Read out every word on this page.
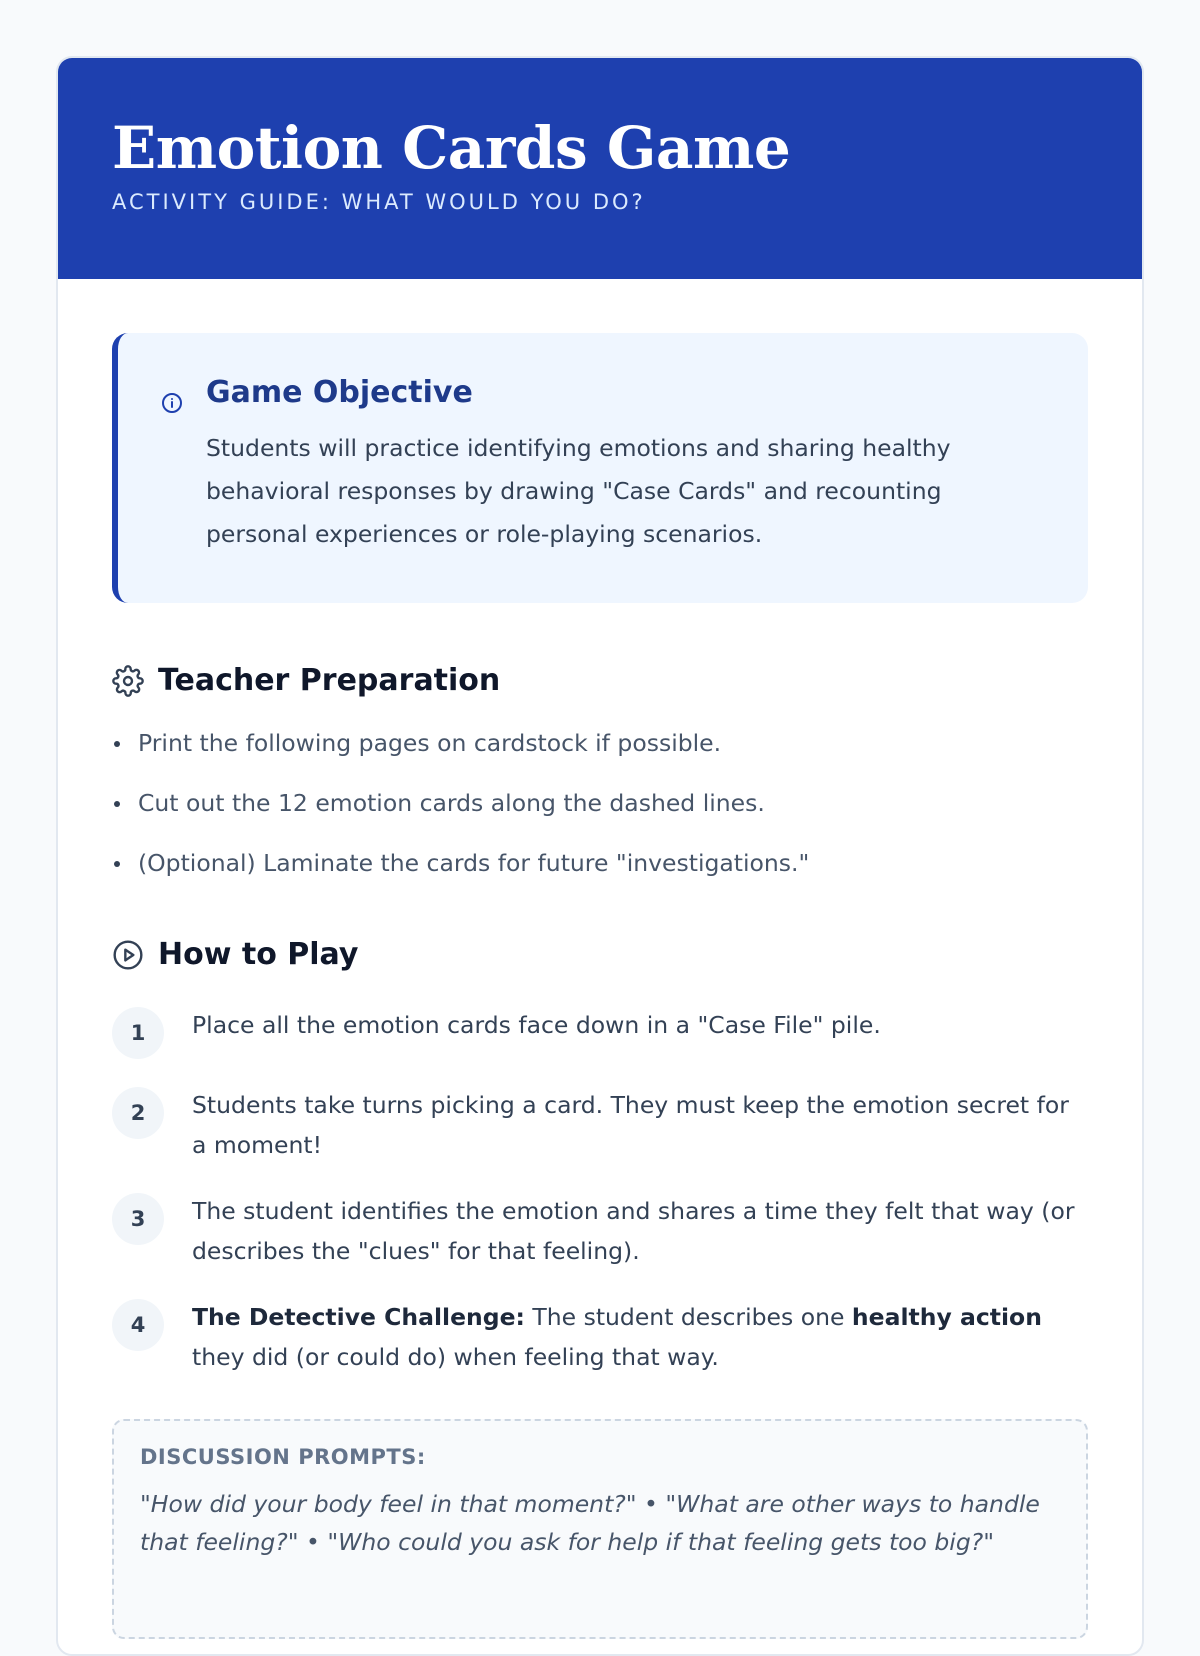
Emotion Cards Game
ACTIVITY GUIDE: WHAT WOULD YOU DO?
Game Objective

Students will practice identifying emotions and sharing healthy behavioral responses by drawing "Case Cards" and recounting personal experiences or role-playing scenarios.

Teacher Preparation
Print the following pages on cardstock if possible.
Cut out the 12 emotion cards along the dashed lines.
(Optional) Laminate the cards for future "investigations."
How to Play
1	Place all the emotion cards face down in a "Case File" pile.
2	Students take turns picking a card. They must keep the emotion secret for a moment!
3	The student identifies the emotion and shares a time they felt that way (or describes the "clues" for that feeling).
4	The Detective Challenge: The student describes one healthy action they did (or could do) when feeling that way.
DISCUSSION PROMPTS:
"How did your body feel in that moment?" • "What are other ways to handle that feeling?" • "Who could you ask for help if that feeling gets too big?"
